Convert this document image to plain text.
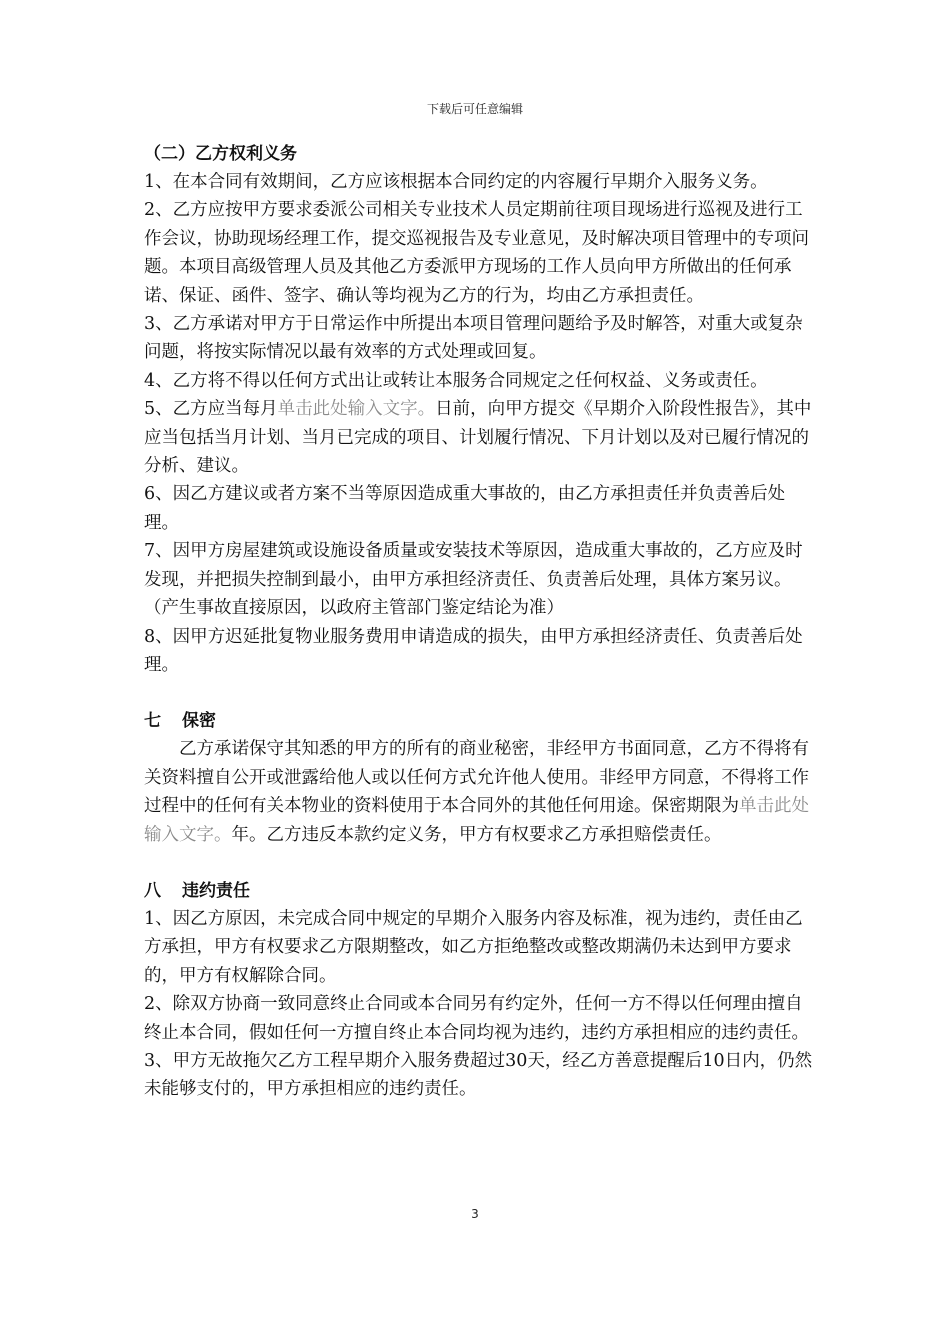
下载后可任意编辑
（二）乙方权利义务

1、在本合同有效期间，乙方应该根据本合同约定的内容履行早期介入服务义务。

2、乙方应按甲方要求委派公司相关专业技术人员定期前往项目现场进行巡视及进行工作会议，协助现场经理工作，提交巡视报告及专业意见，及时解决项目管理中的专项问题。本项目高级管理人员及其他乙方委派甲方现场的工作人员向甲方所做出的任何承诺、保证、函件、签字、确认等均视为乙方的行为，均由乙方承担责任。

3、乙方承诺对甲方于日常运作中所提出本项目管理问题给予及时解答，对重大或复杂问题，将按实际情况以最有效率的方式处理或回复。

4、乙方将不得以任何方式出让或转让本服务合同规定之任何权益、义务或责任。

5、乙方应当每月单击此处输入文字。日前，向甲方提交《早期介入阶段性报告》，其中应当包括当月计划、当月已完成的项目、计划履行情况、下月计划以及对已履行情况的分析、建议。

6、因乙方建议或者方案不当等原因造成重大事故的，由乙方承担责任并负责善后处理。

7、因甲方房屋建筑或设施设备质量或安装技术等原因，造成重大事故的，乙方应及时发现，并把损失控制到最小，由甲方承担经济责任、负责善后处理，具体方案另议。（产生事故直接原因，以政府主管部门鉴定结论为准）

8、因甲方迟延批复物业服务费用申请造成的损失，由甲方承担经济责任、负责善后处理。

七 保密

乙方承诺保守其知悉的甲方的所有的商业秘密，非经甲方书面同意，乙方不得将有关资料擅自公开或泄露给他人或以任何方式允许他人使用。非经甲方同意，不得将工作过程中的任何有关本物业的资料使用于本合同外的其他任何用途。保密期限为单击此处输入文字。年。乙方违反本款约定义务，甲方有权要求乙方承担赔偿责任。

八 违约责任

1、因乙方原因，未完成合同中规定的早期介入服务内容及标准，视为违约，责任由乙方承担，甲方有权要求乙方限期整改，如乙方拒绝整改或整改期满仍未达到甲方要求的，甲方有权解除合同。

2、除双方协商一致同意终止合同或本合同另有约定外，任何一方不得以任何理由擅自终止本合同，假如任何一方擅自终止本合同均视为违约，违约方承担相应的违约责任。

3、甲方无故拖欠乙方工程早期介入服务费超过30天，经乙方善意提醒后10日内，仍然未能够支付的，甲方承担相应的违约责任。

3
